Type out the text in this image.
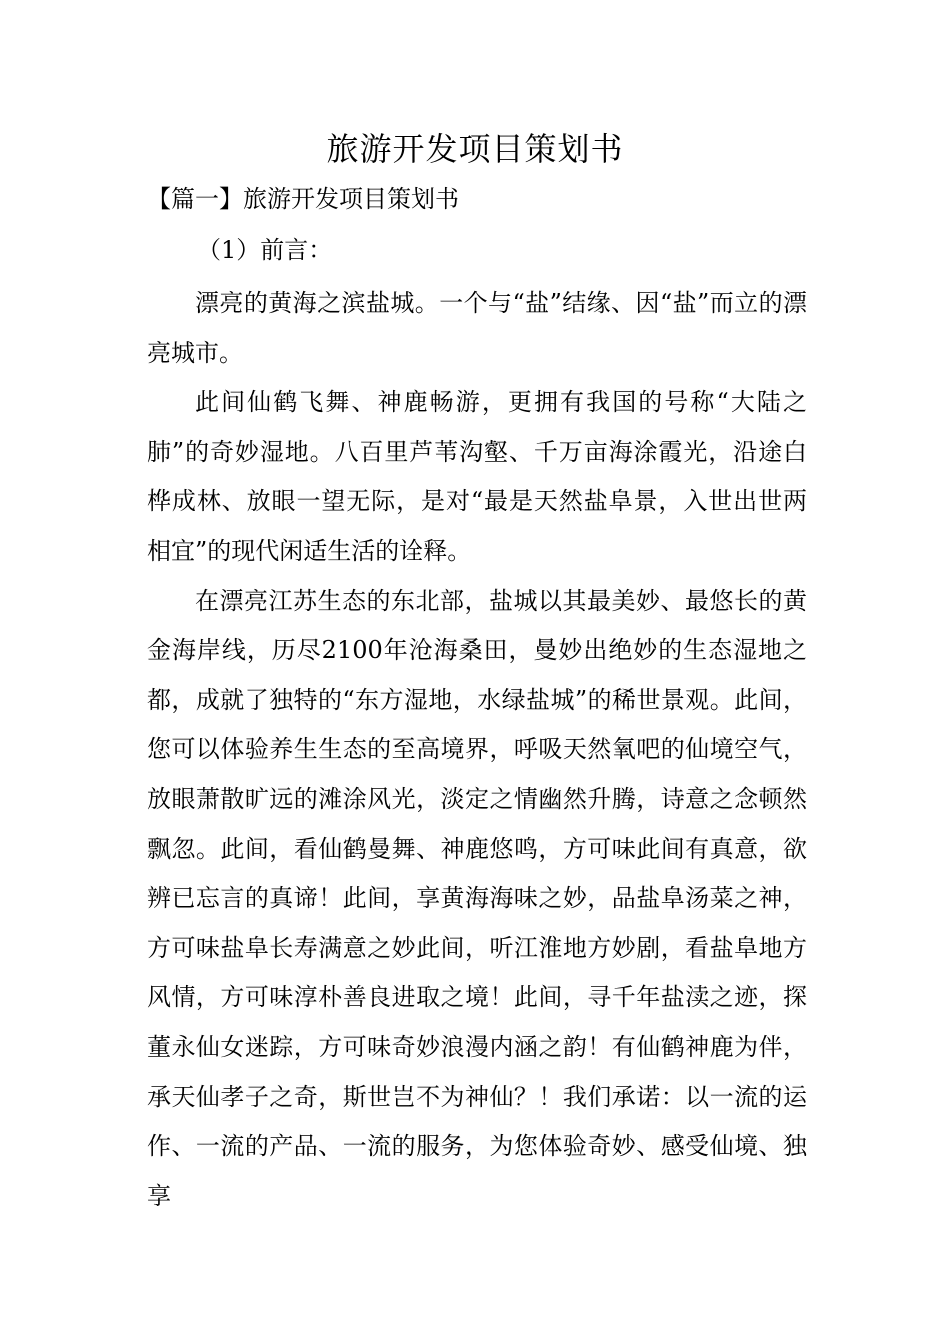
旅游开发项目策划书
【篇一】旅游开发项目策划书
（1）前言：

漂亮的黄海之滨盐城。一个与“盐”结缘、因“盐”而立的漂亮城市。

此间仙鹤飞舞、神鹿畅游，更拥有我国的号称“大陆之肺”的奇妙湿地。八百里芦苇沟壑、千万亩海涂霞光，沿途白桦成林、放眼一望无际，是对“最是天然盐阜景，入世出世两相宜”的现代闲适生活的诠释。

在漂亮江苏生态的东北部，盐城以其最美妙、最悠长的黄金海岸线，历尽2100年沧海桑田，曼妙出绝妙的生态湿地之都，成就了独特的“东方湿地，水绿盐城”的稀世景观。此间，您可以体验养生生态的至高境界，呼吸天然氧吧的仙境空气，放眼萧散旷远的滩涂风光，淡定之情幽然升腾，诗意之念顿然飘忽。此间，看仙鹤曼舞、神鹿悠鸣，方可味此间有真意，欲辨已忘言的真谛！此间，享黄海海味之妙，品盐阜汤菜之神，方可味盐阜长寿满意之妙此间，听江淮地方妙剧，看盐阜地方风情，方可味淳朴善良进取之境！此间，寻千年盐渎之迹，探董永仙女迷踪，方可味奇妙浪漫内涵之韵！有仙鹤神鹿为伴，承天仙孝子之奇，斯世岂不为神仙？！我们承诺：以一流的运作、一流的产品、一流的服务，为您体验奇妙、感受仙境、独享
